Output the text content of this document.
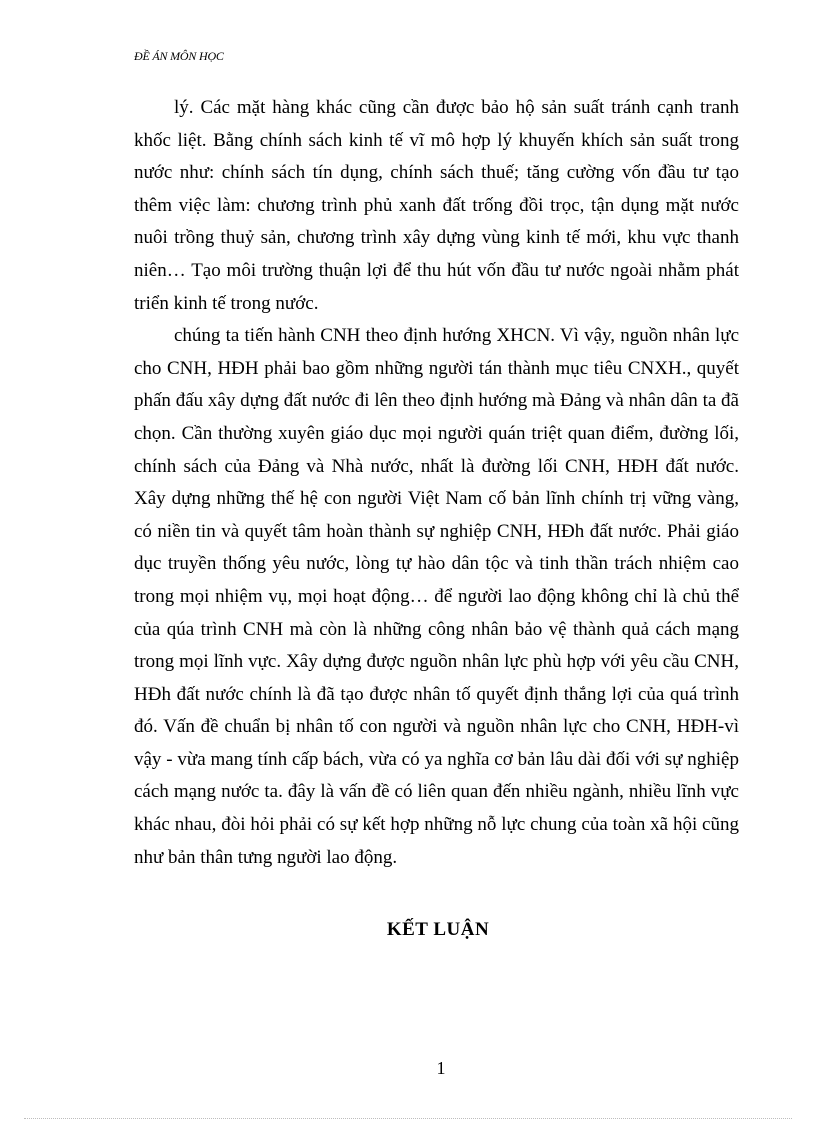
ĐỀ ÁN MÔN HỌC

lý. Các mặt hàng khác cũng cần được bảo hộ sản suất tránh cạnh tranh khốc liệt. Bằng chính sách kinh tế vĩ mô hợp lý khuyến khích sản suất trong nước như: chính sách tín dụng, chính sách thuế; tăng cường vốn đầu tư tạo thêm việc làm: chương trình phủ xanh đất trống đồi trọc, tận dụng mặt nước nuôi trồng thuỷ sản, chương trình xây dựng vùng kinh tế mới, khu vực thanh niên… Tạo môi trường thuận lợi để thu hút vốn đầu tư nước ngoài nhằm phát triển kinh tế trong nước.

chúng ta tiến hành CNH theo định hướng XHCN. Vì vậy, nguồn nhân lực cho CNH, HĐH phải bao gồm những người tán thành mục tiêu CNXH., quyết phấn đấu xây dựng đất nước đi lên theo định hướng mà Đảng và nhân dân ta đã chọn. Cần thường xuyên giáo dục mọi người quán triệt quan điểm, đường lối, chính sách của Đảng và Nhà nước, nhất là đường lối CNH, HĐH đất nước. Xây dựng những thế hệ con người Việt Nam cố bản lĩnh chính trị vững vàng, có niền tin và quyết tâm hoàn thành sự nghiệp CNH, HĐh đất nước. Phải giáo dục truyền thống yêu nước, lòng tự hào dân tộc và tinh thần trách nhiệm cao trong mọi nhiệm vụ, mọi hoạt động… để người lao động không chỉ là chủ thể của qúa trình CNH mà còn là những công nhân bảo vệ thành quả cách mạng trong mọi lĩnh vực. Xây dựng được nguồn nhân lực phù hợp với yêu cầu CNH, HĐh đất nước chính là đã tạo được nhân tố quyết định thắng lợi của quá trình đó. Vấn đề chuẩn bị nhân tố con người và nguồn nhân lực cho CNH, HĐH-vì vậy - vừa mang tính cấp bách, vừa có ya nghĩa cơ bản lâu dài đối với sự nghiệp cách mạng nước ta. đây là vấn đề có liên quan đến nhiều ngành, nhiều lĩnh vực khác nhau, đòi hỏi phải có sự kết hợp những nỗ lực chung của toàn xã hội cũng như bản thân tưng người lao động.

KẾT LUẬN
1
